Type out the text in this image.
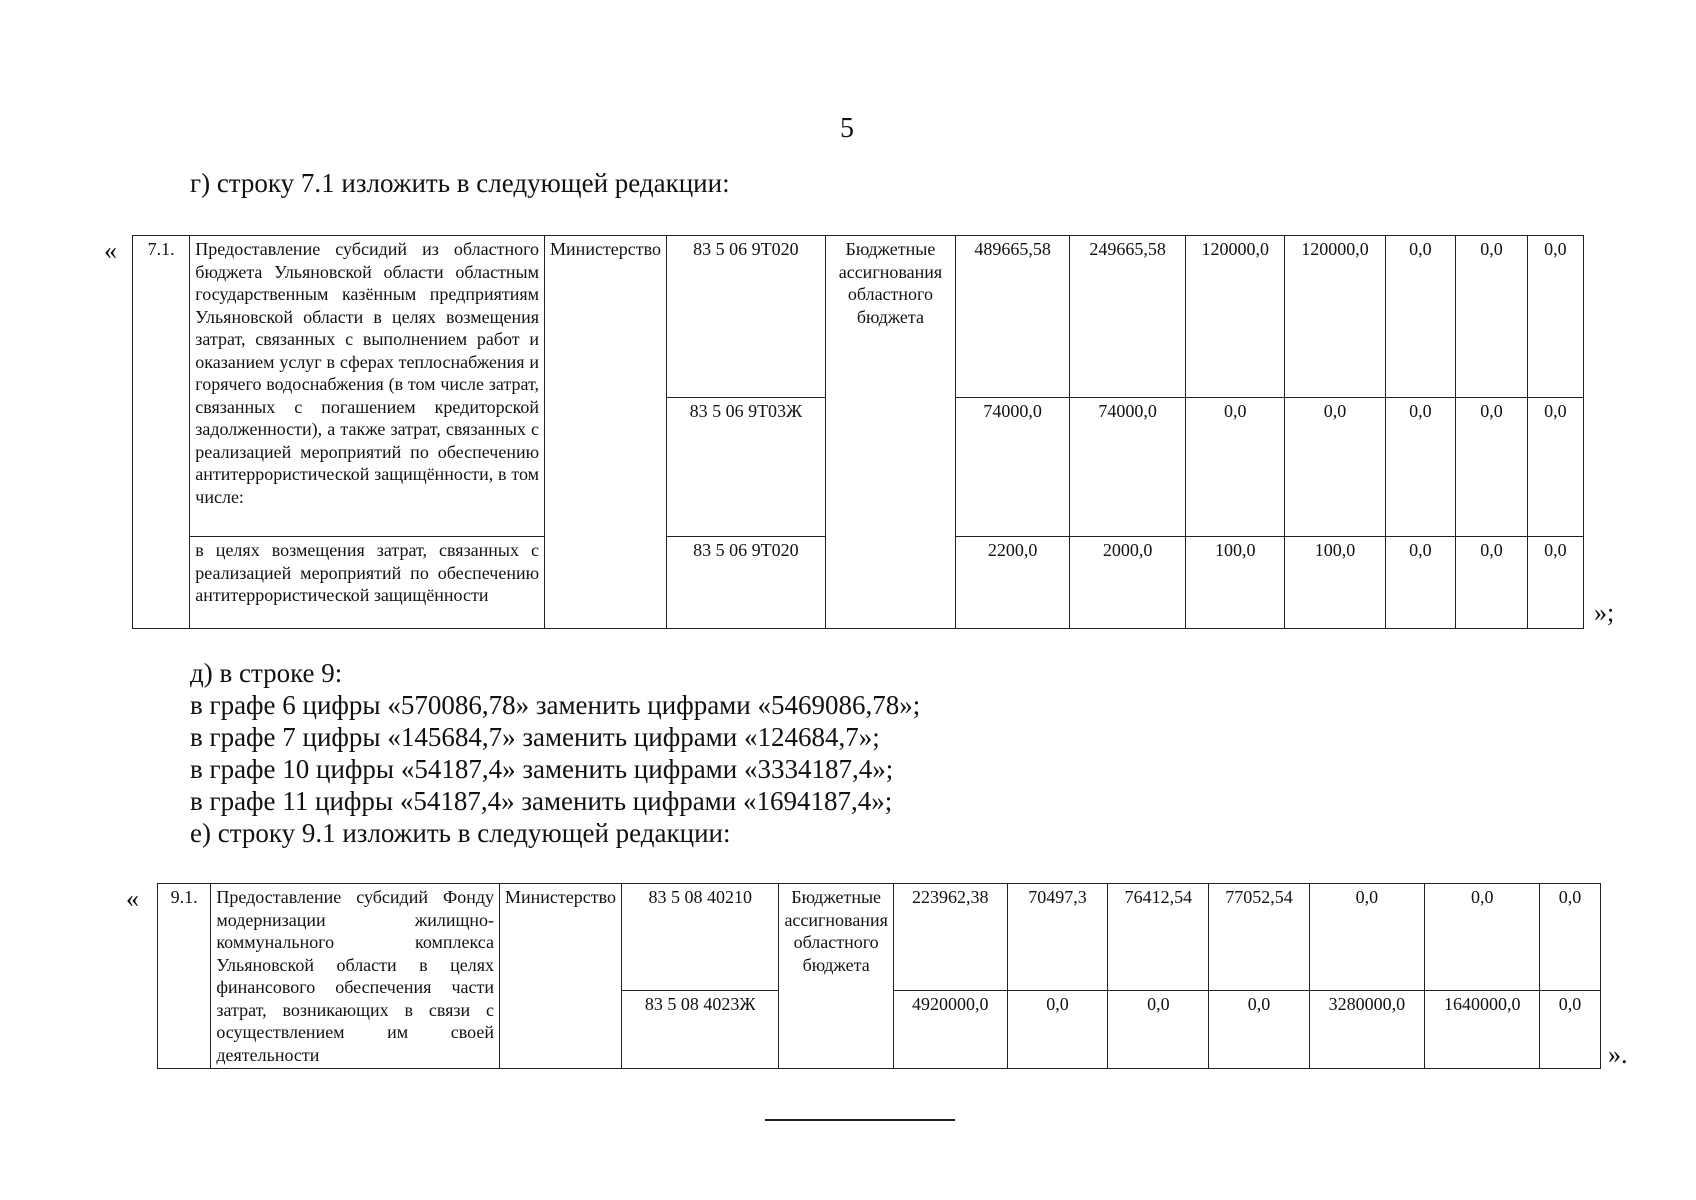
5
г) строку 7.1 изложить в следующей редакции:
« 7.1.	Предоставление субсидий из областного бюджета Ульяновской области областным государственным казённым предприятиям Ульяновской области в целях возмещения затрат, связанных с выполнением работ и оказанием услуг в сферах теплоснабжения и горячего водоснабжения (в том числе затрат, связанных с погашением кредиторской задолженности), а также затрат, связанных с реализацией мероприятий по обеспечению антитеррористической защищённости, в том числе:	Министерство	83 5 06 9Т020	Бюджетные ассигнования областного бюджета	489665,58	249665,58	120000,0	120000,0	0,0	0,0	0,0
			83 5 06 9Т03Ж		74000,0	74000,0	0,0	0,0	0,0	0,0	0,0
	в целях возмещения затрат, связанных с реализацией мероприятий по обеспечению антитеррористической защищённости		83 5 06 9Т020		2200,0	2000,0	100,0	100,0	0,0	0,0	0,0
»;
д) в строке 9:
в графе 6 цифры «570086,78» заменить цифрами «5469086,78»;
в графе 7 цифры «145684,7» заменить цифрами «124684,7»;
в графе 10 цифры «54187,4» заменить цифрами «3334187,4»;
в графе 11 цифры «54187,4» заменить цифрами «1694187,4»;
е) строку 9.1 изложить в следующей редакции:
« 9.1.	Предоставление субсидий Фонду модернизации жилищно-коммунального комплекса Ульяновской области в целях финансового обеспечения части затрат, возникающих в связи с осуществлением им своей деятельности	Министерство	83 5 08 40210	Бюджетные ассигнования областного бюджета	223962,38	70497,3	76412,54	77052,54	0,0	0,0	0,0
			83 5 08 4023Ж		4920000,0	0,0	0,0	0,0	3280000,0	1640000,0	0,0
».
